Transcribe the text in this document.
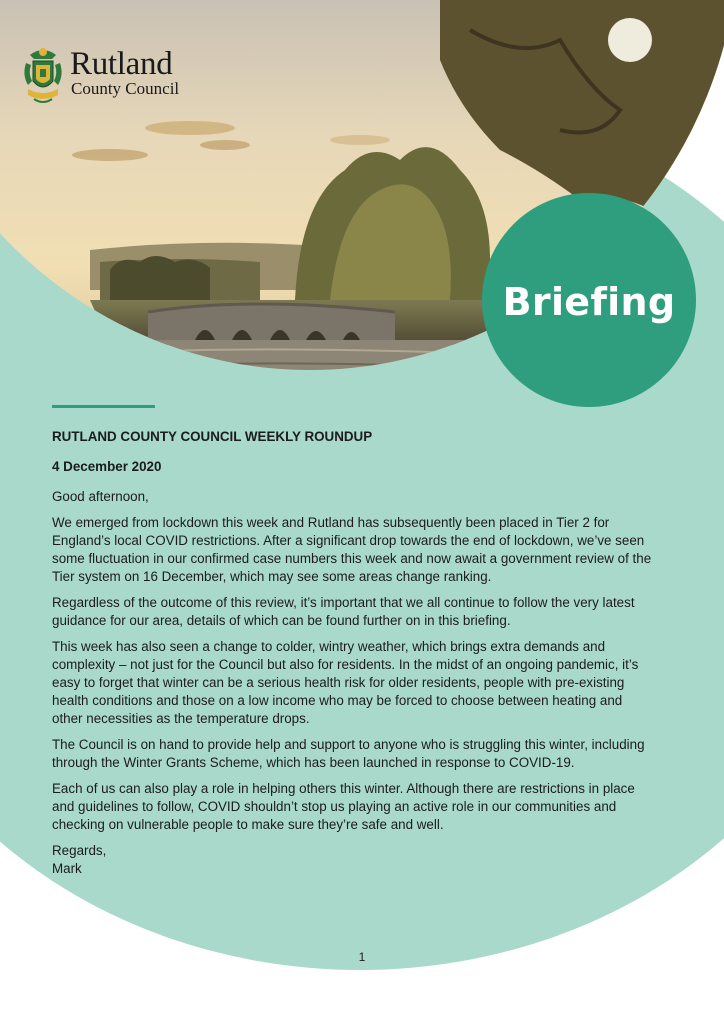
Rutland
County Council
Briefing

RUTLAND COUNTY COUNCIL WEEKLY ROUNDUP

4 December 2020

Good afternoon,

We emerged from lockdown this week and Rutland has subsequently been placed in Tier 2 for England’s local COVID restrictions. After a significant drop towards the end of lockdown, we’ve seen some fluctuation in our confirmed case numbers this week and now await a government review of the Tier system on 16 December, which may see some areas change ranking.

Regardless of the outcome of this review, it’s important that we all continue to follow the very latest guidance for our area, details of which can be found further on in this briefing.

This week has also seen a change to colder, wintry weather, which brings extra demands and complexity – not just for the Council but also for residents. In the midst of an ongoing pandemic, it’s easy to forget that winter can be a serious health risk for older residents, people with pre-existing health conditions and those on a low income who may be forced to choose between heating and other necessities as the temperature drops.

The Council is on hand to provide help and support to anyone who is struggling this winter, including through the Winter Grants Scheme, which has been launched in response to COVID-19.

Each of us can also play a role in helping others this winter. Although there are restrictions in place and guidelines to follow, COVID shouldn’t stop us playing an active role in our communities and checking on vulnerable people to make sure they’re safe and well.

Regards,
Mark
1
